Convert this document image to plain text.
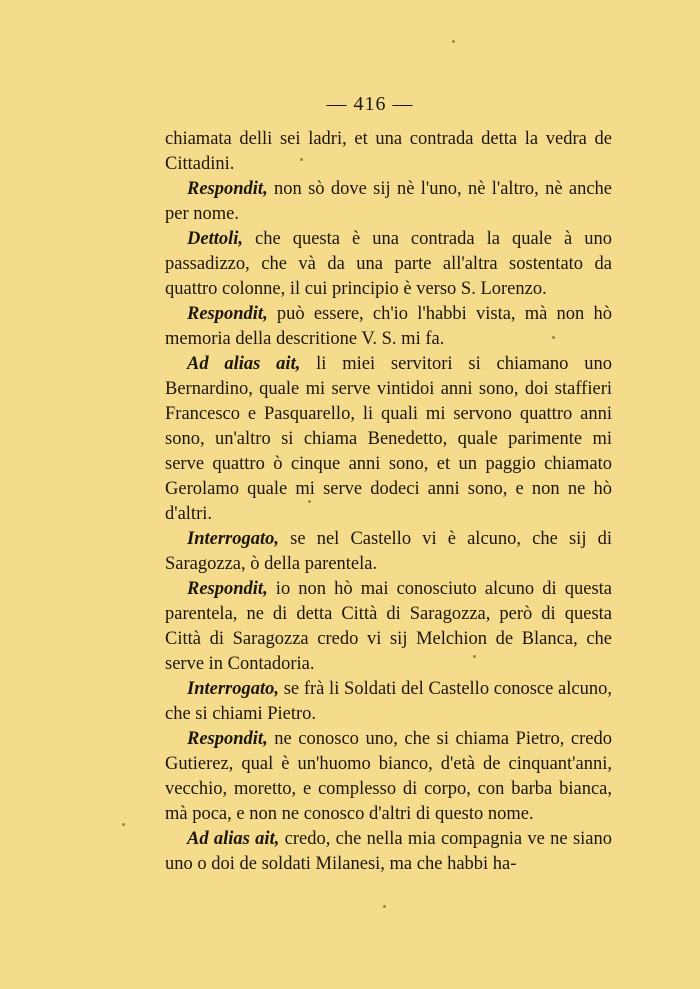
— 416 —

chiamata delli sei ladri, et una contrada detta la vedra de Cittadini.

Respondit, non sò dove sij nè l'uno, nè l'altro, nè anche per nome.

Dettoli, che questa è una contrada la quale à uno passadizzo, che và da una parte all'altra sostentato da quattro colonne, il cui principio è verso S. Lorenzo.

Respondit, può essere, ch'io l'habbi vista, mà non hò memoria della descritione V. S. mi fa.

Ad alias ait, li miei servitori si chiamano uno Bernardino, quale mi serve vintidoi anni sono, doi staffieri Francesco e Pasquarello, li quali mi servono quattro anni sono, un'altro si chiama Benedetto, quale parimente mi serve quattro ò cinque anni sono, et un paggio chiamato Gerolamo quale mi serve dodeci anni sono, e non ne hò d'altri.

Interrogato, se nel Castello vi è alcuno, che sij di Saragozza, ò della parentela.

Respondit, io non hò mai conosciuto alcuno di questa parentela, ne di detta Città di Saragozza, però di questa Città di Saragozza credo vi sij Melchion de Blanca, che serve in Contadoria.

Interrogato, se frà li Soldati del Castello conosce alcuno, che si chiami Pietro.

Respondit, ne conosco uno, che si chiama Pietro, credo Gutierez, qual è un'huomo bianco, d'età de cinquant'anni, vecchio, moretto, e complesso di corpo, con barba bianca, mà poca, e non ne conosco d'altri di questo nome.

Ad alias ait, credo, che nella mia compagnia ve ne siano uno o doi de soldati Milanesi, ma che habbi ha-
